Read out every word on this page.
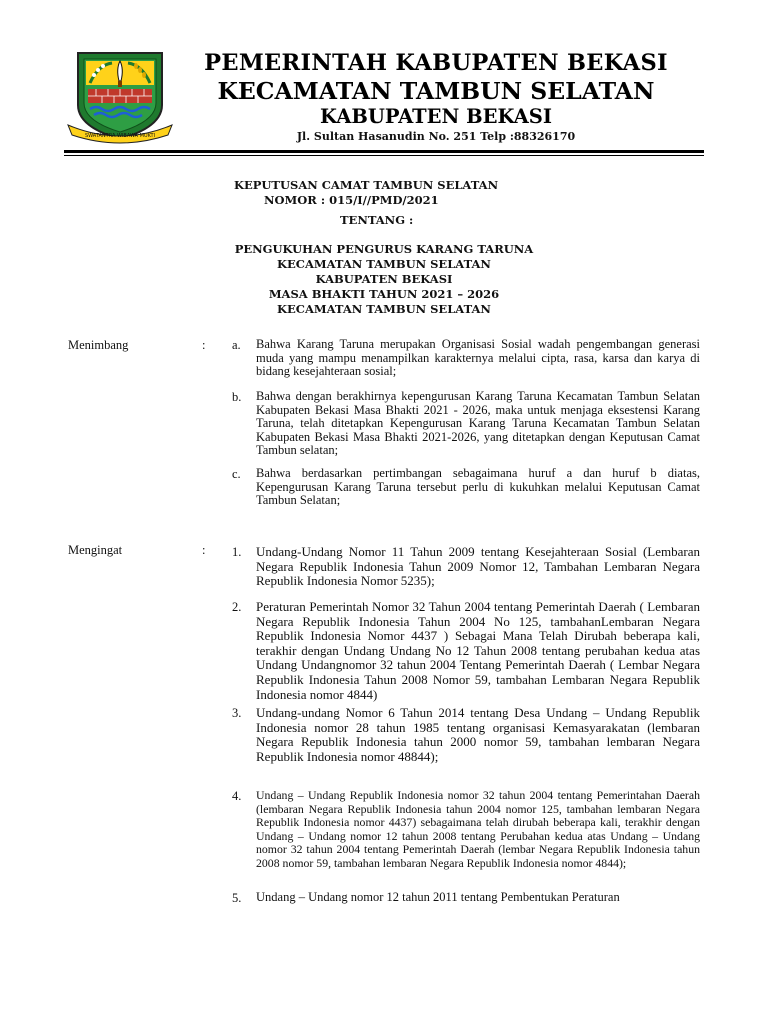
SWATANTRA WIBAWA MUKTI
PEMERINTAH KABUPATEN BEKASI
KECAMATAN TAMBUN SELATAN
KABUPATEN BEKASI
Jl. Sultan Hasanudin No. 251 Telp :88326170
KEPUTUSAN CAMAT TAMBUN SELATAN
NOMOR : 015/I//PMD/2021
TENTANG :
PENGUKUHAN PENGURUS KARANG TARUNA
KECAMATAN TAMBUN SELATAN
KABUPATEN BEKASI
MASA BHAKTI TAHUN 2021 – 2026
KECAMATAN TAMBUN SELATAN
Menimbang	: a. Bahwa Karang Taruna merupakan Organisasi Sosial wadah pengembangan generasi muda yang mampu menampilkan karakternya melalui cipta, rasa, karsa dan karya di bidang kesejahteraan sosial;

b. Bahwa dengan berakhirnya kepengurusan Karang Taruna Kecamatan Tambun Selatan Kabupaten Bekasi Masa Bhakti 2021 - 2026, maka untuk menjaga eksestensi Karang Taruna, telah ditetapkan Kepengurusan Karang Taruna Kecamatan Tambun Selatan Kabupaten Bekasi Masa Bhakti 2021-2026, yang ditetapkan dengan Keputusan Camat Tambun selatan;

c. Bahwa berdasarkan pertimbangan sebagaimana huruf a dan huruf b diatas, Kepengurusan Karang Taruna tersebut perlu di kukuhkan melalui Keputusan Camat Tambun Selatan;

Mengingat	: 1. Undang-Undang Nomor 11 Tahun 2009 tentang Kesejahteraan Sosial (Lembaran Negara Republik Indonesia Tahun 2009 Nomor 12, Tambahan Lembaran Negara Republik Indonesia Nomor 5235);

2. Peraturan Pemerintah Nomor 32 Tahun 2004 tentang Pemerintah Daerah ( Lembaran Negara Republik Indonesia Tahun 2004 No 125, tambahanLembaran Negara Republik Indonesia Nomor 4437 ) Sebagai Mana Telah Dirubah beberapa kali, terakhir dengan Undang Undang No 12 Tahun 2008 tentang perubahan kedua atas Undang Undangnomor 32 tahun 2004 Tentang Pemerintah Daerah ( Lembar Negara Republik Indonesia Tahun 2008 Nomor 59, tambahan Lembaran Negara Republik Indonesia nomor 4844)

3. Undang-undang Nomor 6 Tahun 2014 tentang Desa Undang – Undang Republik Indonesia nomor 28 tahun 1985 tentang organisasi Kemasyarakatan (lembaran Negara Republik Indonesia tahun 2000 nomor 59, tambahan lembaran Negara Republik Indonesia nomor 48844);

4. Undang – Undang Republik Indonesia nomor 32 tahun 2004 tentang Pemerintahan Daerah (lembaran Negara Republik Indonesia tahun 2004 nomor 125, tambahan lembaran Negara Republik Indonesia nomor 4437) sebagaimana telah dirubah beberapa kali, terakhir dengan Undang – Undang nomor 12 tahun 2008 tentang Perubahan kedua atas Undang – Undang nomor 32 tahun 2004 tentang Pemerintah Daerah (lembar Negara Republik Indonesia tahun 2008 nomor 59, tambahan lembaran Negara Republik Indonesia nomor 4844);

5. Undang – Undang nomor 12 tahun 2011 tentang Pembentukan Peraturan
